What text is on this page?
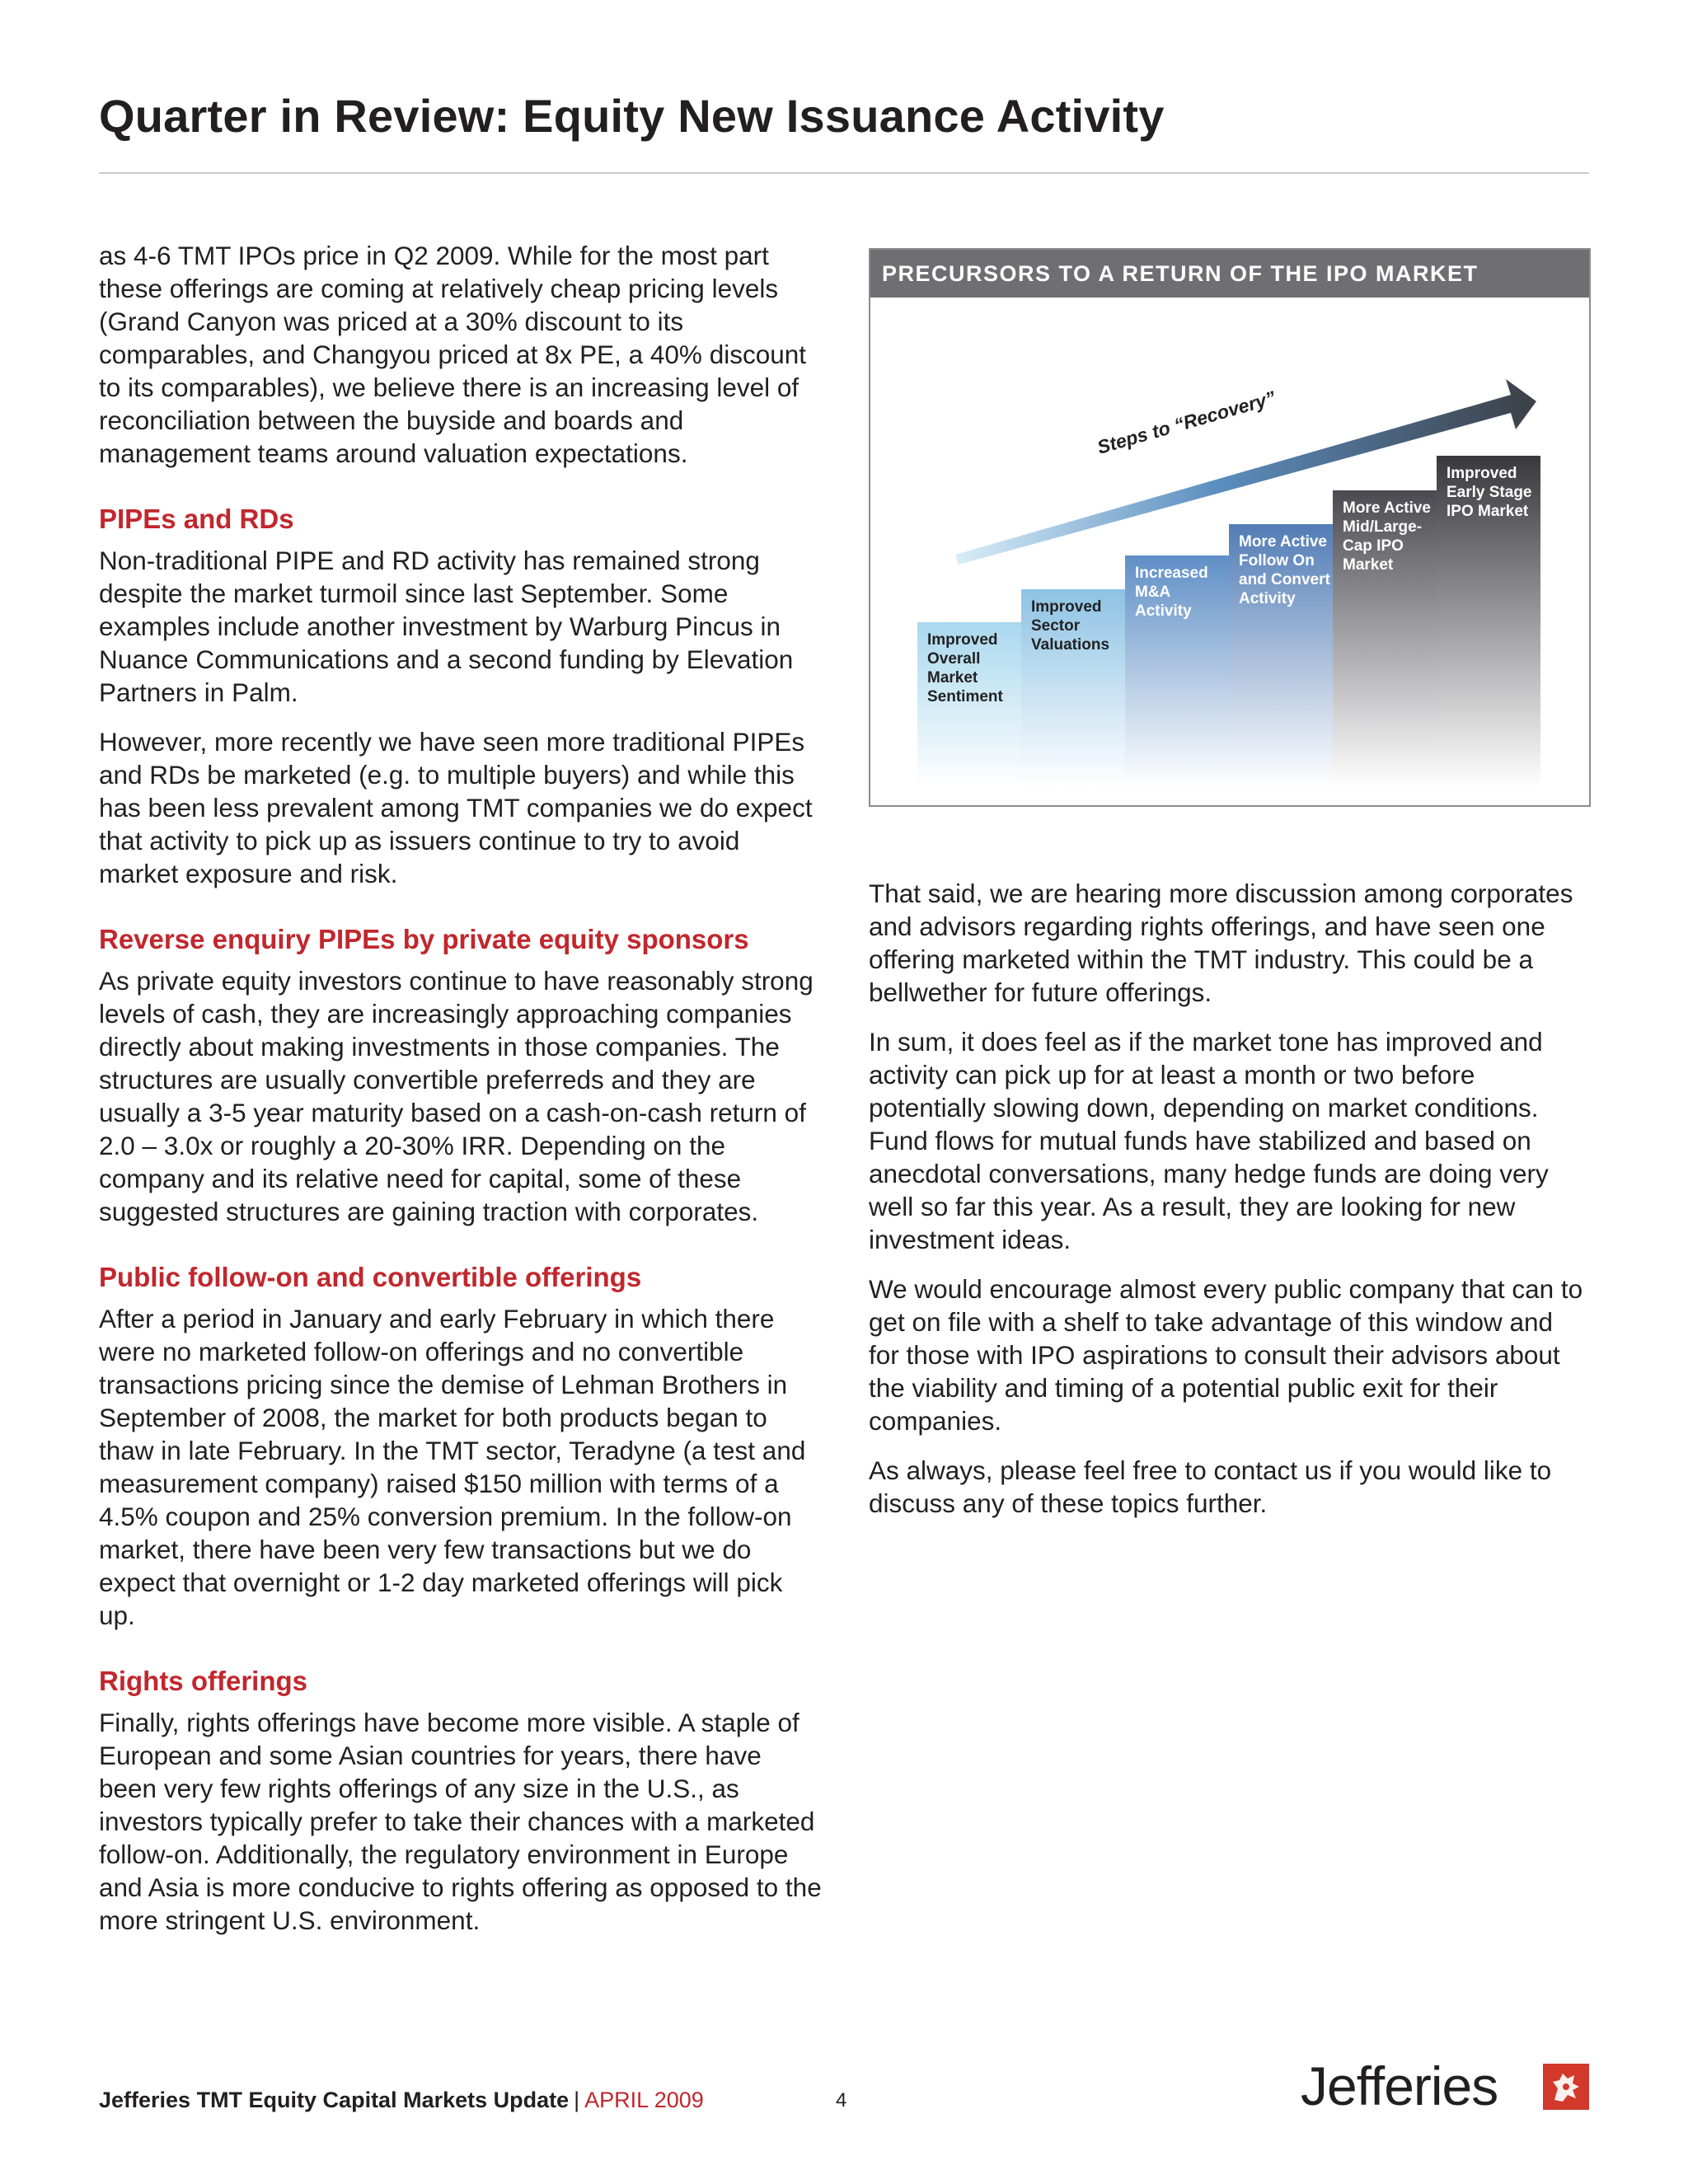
Quarter in Review: Equity New Issuance Activity

as 4-6 TMT IPOs price in Q2 2009. While for the most part these offerings are coming at relatively cheap pricing levels (Grand Canyon was priced at a 30% discount to its comparables, and Changyou priced at 8x PE, a 40% discount to its comparables), we believe there is an increasing level of reconciliation between the buyside and boards and management teams around valuation expectations.

PIPEs and RDs

Non-traditional PIPE and RD activity has remained strong despite the market turmoil since last September. Some examples include another investment by Warburg Pincus in Nuance Communications and a second funding by Elevation Partners in Palm.

However, more recently we have seen more traditional PIPEs and RDs be marketed (e.g. to multiple buyers) and while this has been less prevalent among TMT companies we do expect that activity to pick up as issuers continue to try to avoid market exposure and risk.

Reverse enquiry PIPEs by private equity sponsors

As private equity investors continue to have reasonably strong levels of cash, they are increasingly approaching companies directly about making investments in those companies. The structures are usually convertible preferreds and they are usually a 3-5 year maturity based on a cash-on-cash return of 2.0 – 3.0x or roughly a 20-30% IRR. Depending on the company and its relative need for capital, some of these suggested structures are gaining traction with corporates.

Public follow-on and convertible offerings

After a period in January and early February in which there were no marketed follow-on offerings and no convertible transactions pricing since the demise of Lehman Brothers in September of 2008, the market for both products began to thaw in late February. In the TMT sector, Teradyne (a test and measurement company) raised $150 million with terms of a 4.5% coupon and 25% conversion premium. In the follow-on market, there have been very few transactions but we do expect that overnight or 1-2 day marketed offerings will pick up.

Rights offerings

Finally, rights offerings have become more visible. A staple of European and some Asian countries for years, there have been very few rights offerings of any size in the U.S., as investors typically prefer to take their chances with a marketed follow-on. Additionally, the regulatory environment in Europe and Asia is more conducive to rights offering as opposed to the more stringent U.S. environment.

PRECURSORS TO A RETURN OF THE IPO MARKET
Steps to “Recovery”
Improved Overall Market Sentiment
Improved Sector Valuations
Increased M&A Activity
More Active Follow On and Convert Activity
More Active Mid/Large- Cap IPO Market
Improved Early Stage IPO Market

That said, we are hearing more discussion among corporates and advisors regarding rights offerings, and have seen one offering marketed within the TMT industry. This could be a bellwether for future offerings.

In sum, it does feel as if the market tone has improved and activity can pick up for at least a month or two before potentially slowing down, depending on market conditions. Fund flows for mutual funds have stabilized and based on anecdotal conversations, many hedge funds are doing very well so far this year. As a result, they are looking for new investment ideas.

We would encourage almost every public company that can to get on file with a shelf to take advantage of this window and for those with IPO aspirations to consult their advisors about the viability and timing of a potential public exit for their companies.

As always, please feel free to contact us if you would like to discuss any of these topics further.

Jefferies TMT Equity Capital Markets Update | APRIL 2009	4	Jefferies
